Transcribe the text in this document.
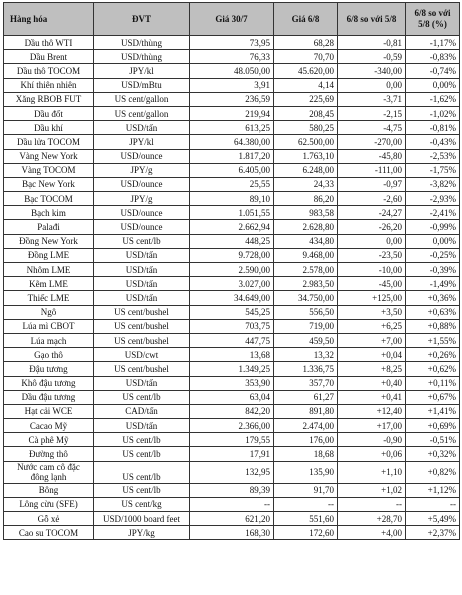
Hàng hóa	ĐVT	Giá 30/7	Giá 6/8	6/8 so với 5/8	6/8 so với 5/8 (%)
Dầu thô WTI	USD/thùng	73,95	68,28	-0,81	-1,17%
Dầu Brent	USD/thùng	76,33	70,70	-0,59	-0,83%
Dầu thô TOCOM	JPY/kl	48.050,00	45.620,00	-340,00	-0,74%
Khí thiên nhiên	USD/mBtu	3,91	4,14	0,00	0,00%
Xăng RBOB FUT	US cent/gallon	236,59	225,69	-3,71	-1,62%
Dầu đốt	US cent/gallon	219,94	208,45	-2,15	-1,02%
Dầu khí	USD/tấn	613,25	580,25	-4,75	-0,81%
Dầu lửa TOCOM	JPY/kl	64.380,00	62.500,00	-270,00	-0,43%
Vàng New York	USD/ounce	1.817,20	1.763,10	-45,80	-2,53%
Vàng TOCOM	JPY/g	6.405,00	6.248,00	-111,00	-1,75%
Bạc New York	USD/ounce	25,55	24,33	-0,97	-3,82%
Bạc TOCOM	JPY/g	89,10	86,20	-2,60	-2,93%
Bạch kim	USD/ounce	1.051,55	983,58	-24,27	-2,41%
Palađi	USD/ounce	2.662,94	2.628,80	-26,20	-0,99%
Đồng New York	US cent/lb	448,25	434,80	0,00	0,00%
Đồng LME	USD/tấn	9.728,00	9.468,00	-23,50	-0,25%
Nhôm LME	USD/tấn	2.590,00	2.578,00	-10,00	-0,39%
Kẽm LME	USD/tấn	3.027,00	2.983,50	-45,00	-1,49%
Thiếc LME	USD/tấn	34.649,00	34.750,00	+125,00	+0,36%
Ngô	US cent/bushel	545,25	556,50	+3,50	+0,63%
Lúa mì CBOT	US cent/bushel	703,75	719,00	+6,25	+0,88%
Lúa mạch	US cent/bushel	447,75	459,50	+7,00	+1,55%
Gạo thô	USD/cwt	13,68	13,32	+0,04	+0,26%
Đậu tương	US cent/bushel	1.349,25	1.336,75	+8,25	+0,62%
Khô đậu tương	USD/tấn	353,90	357,70	+0,40	+0,11%
Dầu đậu tương	US cent/lb	63,04	61,27	+0,41	+0,67%
Hạt cải WCE	CAD/tấn	842,20	891,80	+12,40	+1,41%
Cacao Mỹ	USD/tấn	2.366,00	2.474,00	+17,00	+0,69%
Cà phê Mỹ	US cent/lb	179,55	176,00	-0,90	-0,51%
Đường thô	US cent/lb	17,91	18,68	+0,06	+0,32%
Nước cam cô đặc đông lạnh	US cent/lb	132,95	135,90	+1,10	+0,82%
Bông	US cent/lb	89,39	91,70	+1,02	+1,12%
Lông cừu (SFE)	US cent/kg	--	--	--	--
Gỗ xẻ	USD/1000 board feet	621,20	551,60	+28,70	+5,49%
Cao su TOCOM	JPY/kg	168,30	172,60	+4,00	+2,37%
